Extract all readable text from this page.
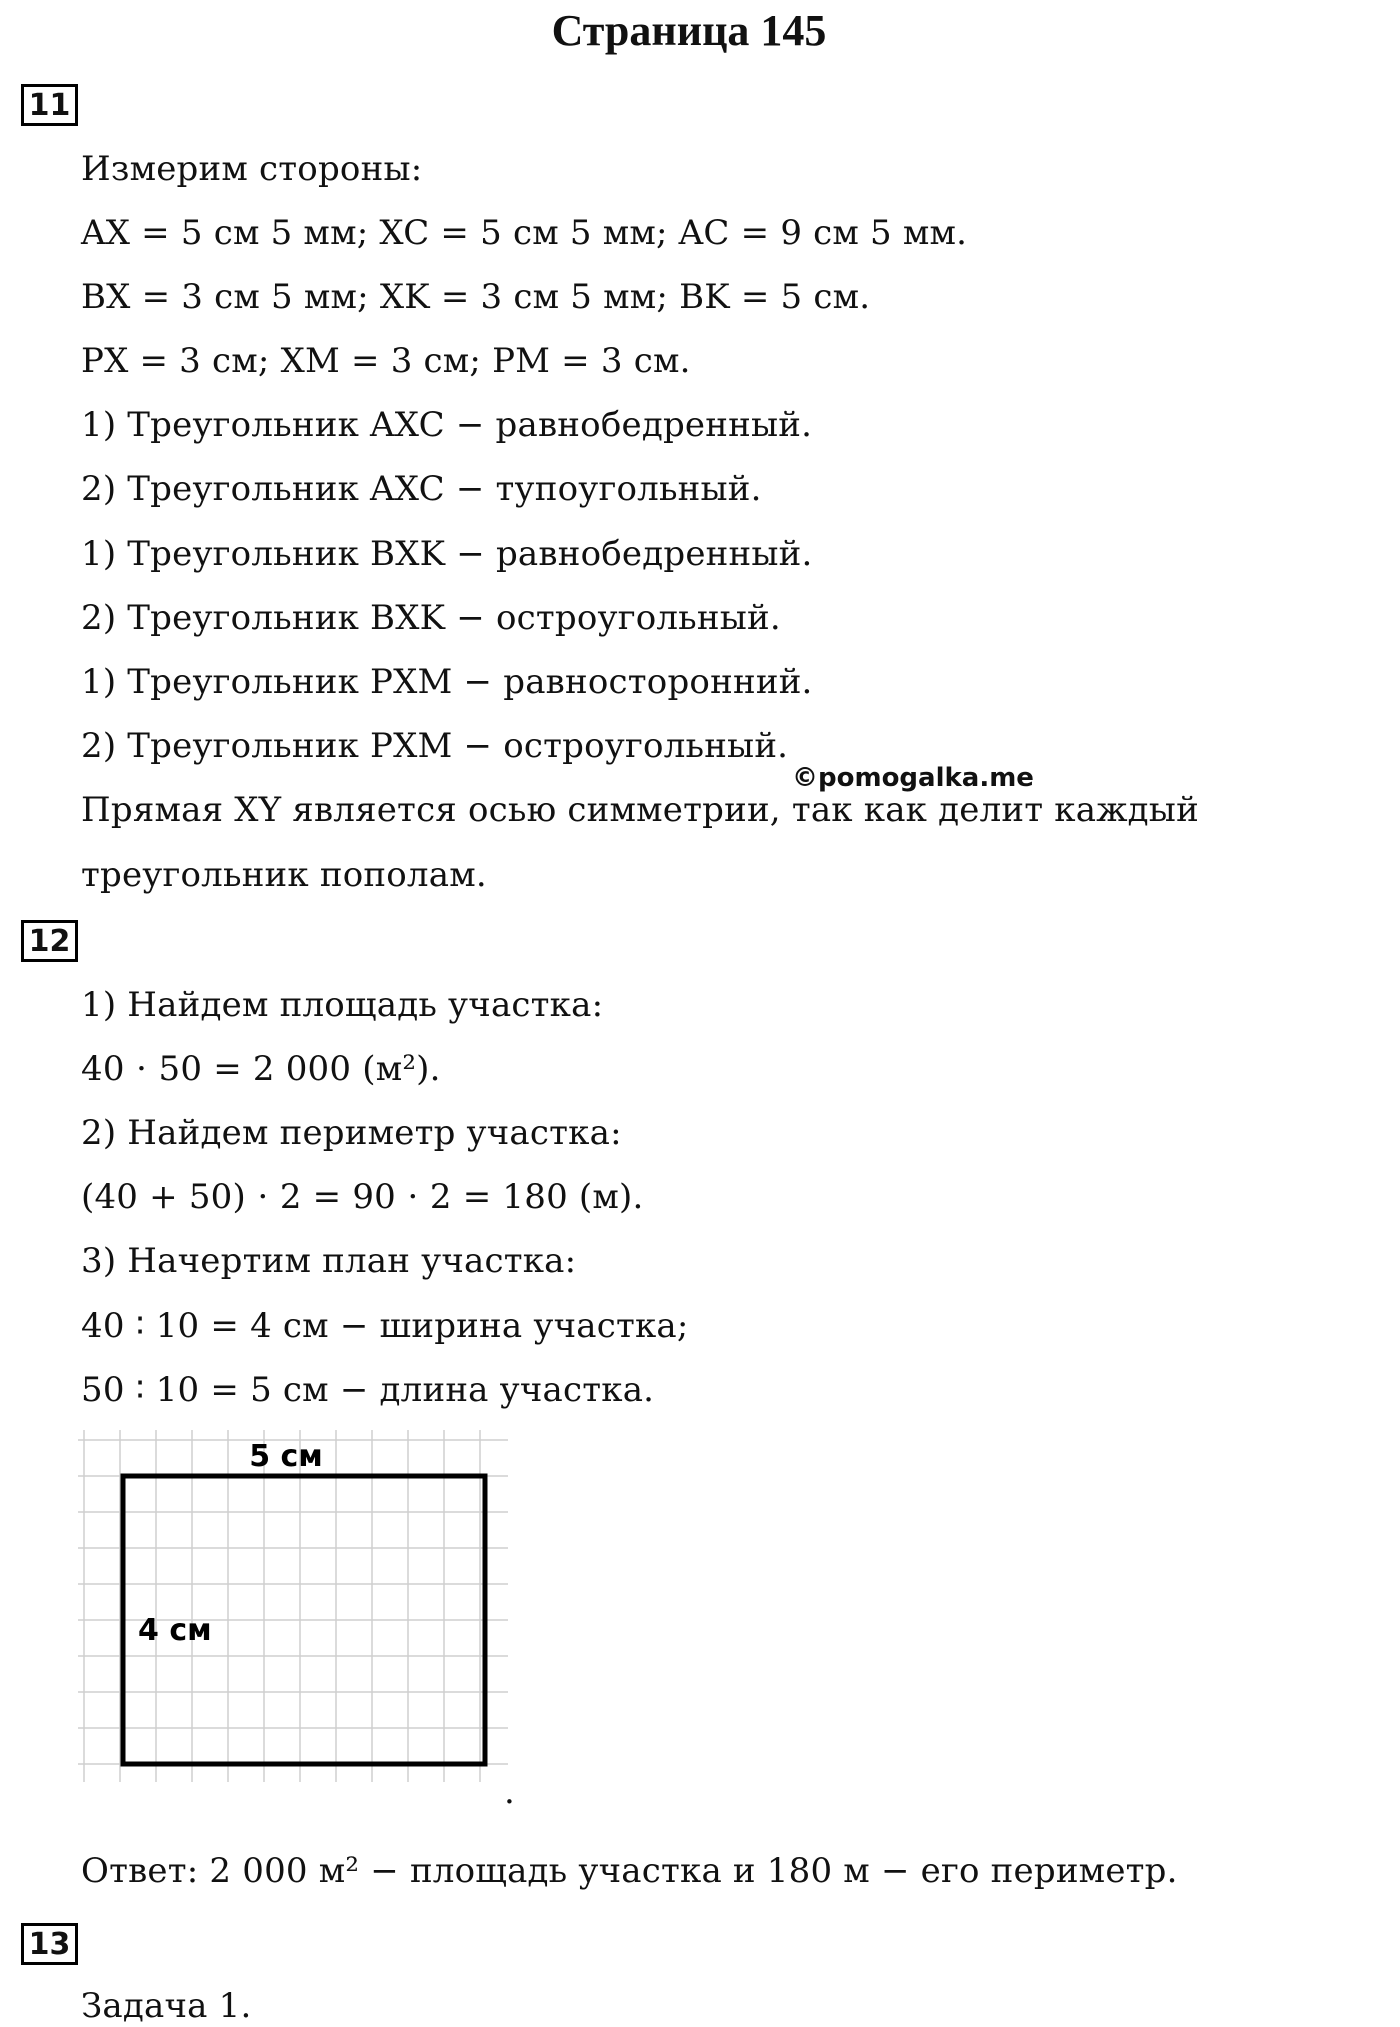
Страница 145
11
Измерим стороны:
AX = 5 см 5 мм; XC = 5 см 5 мм; AC = 9 см 5 мм.
BX = 3 см 5 мм; XK = 3 см 5 мм; BK = 5 см.
PX = 3 см; XM = 3 см; PM = 3 см.
1) Треугольник AXC − равнобедренный.
2) Треугольник AXC − тупоугольный.
1) Треугольник BXK − равнобедренный.
2) Треугольник BXK − остроугольный.
1) Треугольник PXM − равносторонний.
2) Треугольник PXM − остроугольный.
Прямая XY является осью симметрии, так как делит каждый
треугольник пополам.
©pomogalka.me
12
1) Найдем площадь участка:
40 ⋅ 50 = 2 000 (м²).
2) Найдем периметр участка:
(40 + 50) ⋅ 2 = 90 ⋅ 2 = 180 (м).
3) Начертим план участка:
40 ∶ 10 = 4 см − ширина участка;
50 ∶ 10 = 5 см − длина участка.
5 см
4 см
.
Ответ: 2 000 м² − площадь участка и 180 м − его периметр.
13
Задача 1.
